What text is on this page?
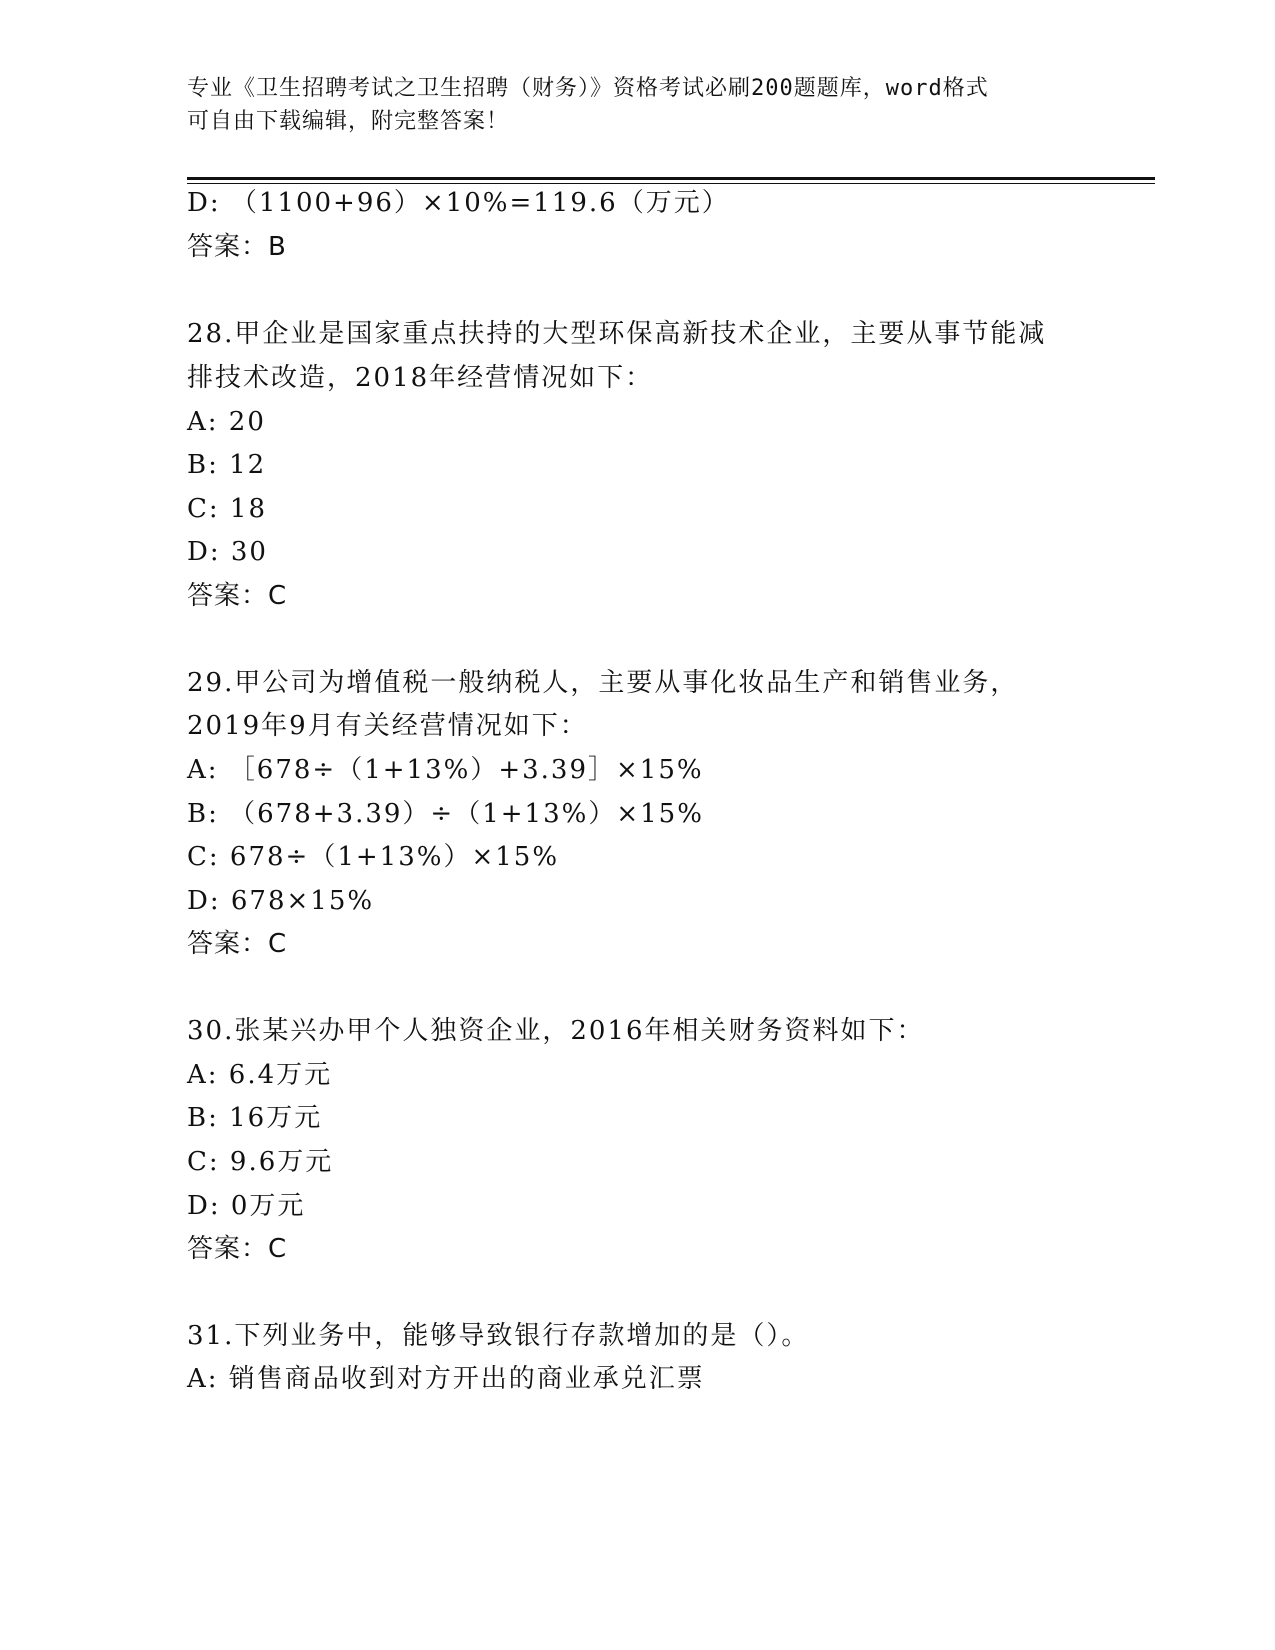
专业《卫生招聘考试之卫生招聘（财务）》资格考试必刷200题题库，word格式
可自由下载编辑，附完整答案！
D: （1100+96）×10%=119.6（万元）
答案：B
28.甲企业是国家重点扶持的大型环保高新技术企业，主要从事节能减
排技术改造，2018年经营情况如下：
A: 20
B: 12
C: 18
D: 30
答案：C
29.甲公司为增值税一般纳税人，主要从事化妆品生产和销售业务，
2019年9月有关经营情况如下：
A: ［678÷（1+13%）+3.39］×15%
B: （678+3.39）÷（1+13%）×15%
C: 678÷（1+13%）×15%
D: 678×15%
答案：C
30.张某兴办甲个人独资企业，2016年相关财务资料如下：
A: 6.4万元
B: 16万元
C: 9.6万元
D: 0万元
答案：C
31.下列业务中，能够导致银行存款增加的是（）。
A: 销售商品收到对方开出的商业承兑汇票
